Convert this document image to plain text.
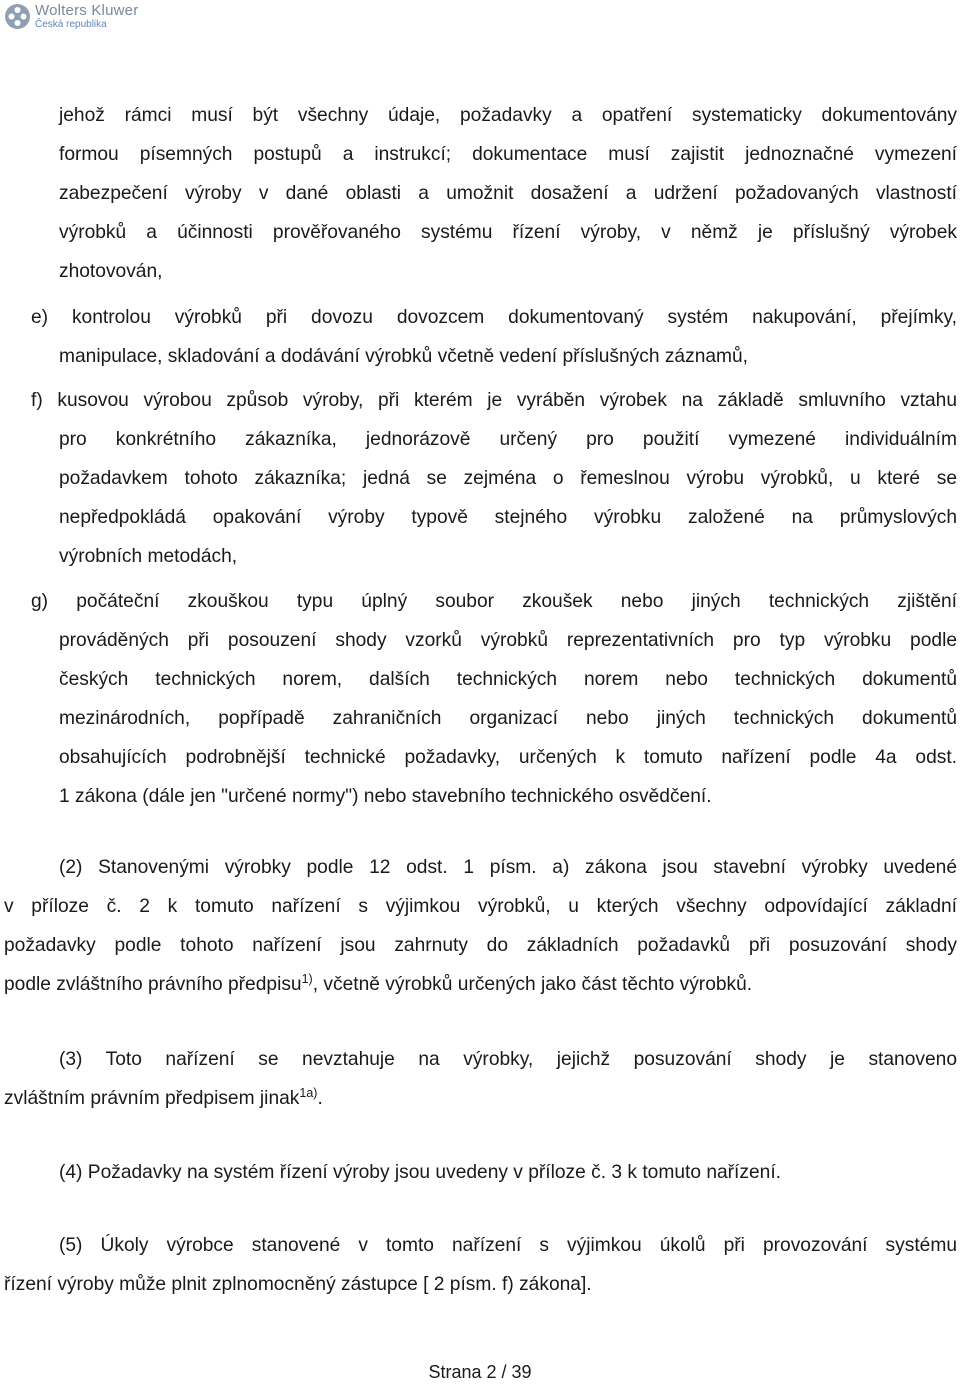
Wolters Kluwer
Česká republika
jehož rámci musí být všechny údaje, požadavky a opatření systematicky dokumentovány
formou písemných postupů a instrukcí; dokumentace musí zajistit jednoznačné vymezení
zabezpečení výroby v dané oblasti a umožnit dosažení a udržení požadovaných vlastností
výrobků a účinnosti prověřovaného systému řízení výroby, v němž je příslušný výrobek
zhotovován,
e) kontrolou výrobků při dovozu dovozcem dokumentovaný systém nakupování, přejímky,
manipulace, skladování a dodávání výrobků včetně vedení příslušných záznamů,
f) kusovou výrobou způsob výroby, při kterém je vyráběn výrobek na základě smluvního vztahu
pro konkrétního zákazníka, jednorázově určený pro použití vymezené individuálním
požadavkem tohoto zákazníka; jedná se zejména o řemeslnou výrobu výrobků, u které se
nepředpokládá opakování výroby typově stejného výrobku založené na průmyslových
výrobních metodách,
g) počáteční zkouškou typu úplný soubor zkoušek nebo jiných technických zjištění
prováděných při posouzení shody vzorků výrobků reprezentativních pro typ výrobku podle
českých technických norem, dalších technických norem nebo technických dokumentů
mezinárodních, popřípadě zahraničních organizací nebo jiných technických dokumentů
obsahujících podrobnější technické požadavky, určených k tomuto nařízení podle 4a odst.
1 zákona (dále jen "určené normy") nebo stavebního technického osvědčení.
(2) Stanovenými výrobky podle 12 odst. 1 písm. a) zákona jsou stavební výrobky uvedené
v příloze č. 2 k tomuto nařízení s výjimkou výrobků, u kterých všechny odpovídající základní
požadavky podle tohoto nařízení jsou zahrnuty do základních požadavků při posuzování shody
podle zvláštního právního předpisu$^{1)}$, včetně výrobků určených jako část těchto výrobků.
(3) Toto nařízení se nevztahuje na výrobky, jejichž posuzování shody je stanoveno
zvláštním právním předpisem jinak$^{1a)}$.
(4) Požadavky na systém řízení výroby jsou uvedeny v příloze č. 3 k tomuto nařízení.
(5) Úkoly výrobce stanovené v tomto nařízení s výjimkou úkolů při provozování systému
řízení výroby může plnit zplnomocněný zástupce [ 2 písm. f) zákona].
Strana 2 / 39
